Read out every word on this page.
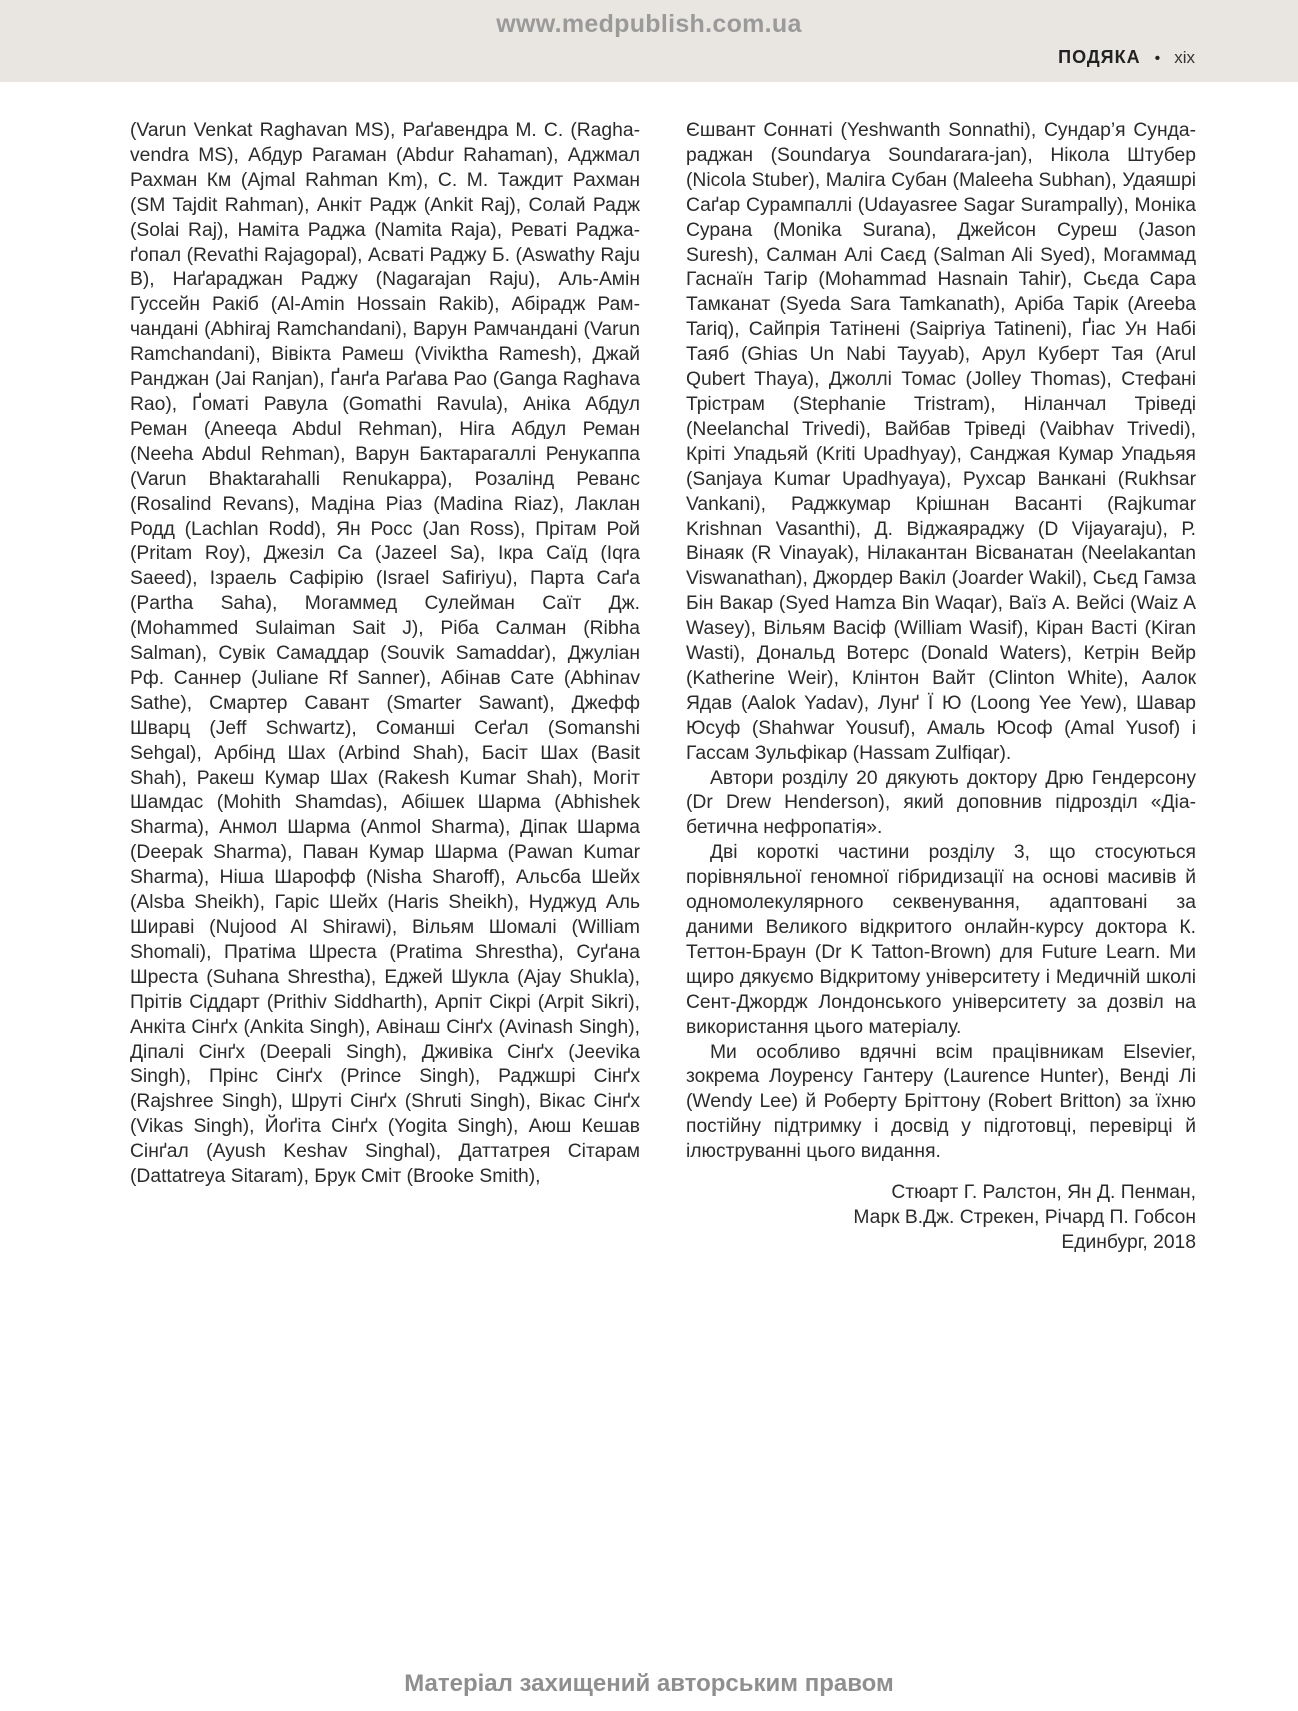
www.medpublish.com.ua
ПОДЯКА • xix

(Varun Venkat Raghavan MS), Раґавендра М. С. (Raghavendra MS), Абдур Рагаман (Abdur Rahaman), Аджмал Рахман Км (Ajmal Rahman Km), С. М. Таждит Рахман (SM Tajdit Rahman), Анкіт Радж (Ankit Raj), Солай Радж (Solai Raj), Наміта Раджа (Namita Raja), Реваті Раджаґопал (Revathi Rajagopal), Асваті Раджу Б. (Aswathy Raju B), Наґараджан Раджу (Nagarajan Raju), Аль-Амін Гуссейн Ракіб (Al-Amin Hossain Rakib), Абірадж Рамчандані (Abhiraj Ramchandani), Варун Рамчандані (Varun Ramchandani), Вівікта Рамеш (Viviktha Ramesh), Джай Ранджан (Jai Ranjan), Ґанґа Раґава Рао (Ganga Raghava Rao), Ґоматі Равула (Gomathi Ravula), Аніка Абдул Реман (Aneeqa Abdul Rehman), Ніга Абдул Реман (Neeha Abdul Rehman), Варун Бактарагаллі Ренукаппа (Varun Bhaktarahalli Renukappa), Розалінд Реванс (Rosalind Revans), Мадіна Ріаз (Madina Riaz), Лаклан Родд (Lachlan Rodd), Ян Росс (Jan Ross), Прітам Рой (Pritam Roy), Джезіл Са (Jazeel Sa), Ікра Саїд (Iqra Saeed), Ізраель Сафірію (Israel Safiriyu), Парта Саґа (Partha Saha), Могаммед Сулейман Саїт Дж. (Mohammed Sulaiman Sait J), Ріба Салман (Ribha Salman), Сувік Самаддар (Souvik Samaddar), Джуліан Рф. Саннер (Juliane Rf Sanner), Абінав Сате (Abhinav Sathe), Смартер Савант (Smarter Sawant), Джефф Шварц (Jeff Schwartz), Соманші Сеґал (Somanshi Sehgal), Арбінд Шах (Arbind Shah), Басіт Шах (Basit Shah), Ракеш Кумар Шах (Rakesh Kumar Shah), Могіт Шамдас (Mohith Shamdas), Абішек Шарма (Abhishek Sharma), Анмол Шарма (Anmol Sharma), Діпак Шарма (Deepak Sharma), Паван Кумар Шарма (Pawan Kumar Sharma), Ніша Шарофф (Nisha Sharoff), Альсба Шейх (Alsba Sheikh), Гаріс Шейх (Haris Sheikh), Нуджуд Аль Шираві (Nujood Al Shirawi), Вільям Шомалі (William Shomali), Пратіма Шреста (Pratima Shrestha), Суґана Шреста (Suhana Shrestha), Еджей Шукла (Ajay Shukla), Прітів Сіддарт (Prithiv Siddharth), Арпіт Сікрі (Arpit Sikri), Анкіта Сінґх (Ankita Singh), Авінаш Сінґх (Avinash Singh), Діпалі Сінґх (Deepali Singh), Дживіка Сінґх (Jeevika Singh), Прінс Сінґх (Prince Singh), Раджшрі Сінґх (Rajshree Singh), Шруті Сінґх (Shruti Singh), Вікас Сінґх (Vikas Singh), Йоґіта Сінґх (Yogita Singh), Аюш Кешав Сінґал (Ayush Keshav Singhal), Даттатрея Сітарам (Dattatreya Sitaram), Брук Сміт (Brooke Smith),

Єшвант Соннаті (Yeshwanth Sonnathi), Сундар’я Сундараджан (Soundarya Soundarara-jan), Нікола Штубер (Nicola Stuber), Маліга Субан (Maleeha Subhan), Удаяшрі Саґар Сурампаллі (Udayasree Sagar Surampally), Моніка Сурана (Monika Surana), Джейсон Суреш (Jason Suresh), Салман Алі Саєд (Salman Ali Syed), Могаммад Гаснаїн Тагір (Mohammad Hasnain Tahir), Сьєда Сара Тамканат (Syeda Sara Tamkanath), Аріба Тарік (Areeba Tariq), Сайпрія Татінені (Saipriya Tatineni), Ґіас Ун Набі Таяб (Ghias Un Nabi Tayyab), Арул Куберт Тая (Arul Qubert Thaya), Джоллі Томас (Jolley Thomas), Стефані Трістрам (Stephanie Tristram), Ніланчал Тріведі (Neelanchal Trivedi), Вайбав Тріведі (Vaibhav Trivedi), Кріті Упадьяй (Kriti Upadhyay), Санджая Кумар Упадьяя (Sanjaya Kumar Upadhyaya), Рухсар Ванкані (Rukhsar Vankani), Раджкумар Крішнан Васанті (Rajkumar Krishnan Vasanthi), Д. Віджаяраджу (D Vijayaraju), Р. Вінаяк (R Vinayak), Нілакантан Вісванатан (Neelakantan Viswanathan), Джордер Вакіл (Joarder Wakil), Сьєд Гамза Бін Вакар (Syed Hamza Bin Waqar), Ваїз А. Вейсі (Waiz A Wasey), Вільям Васіф (William Wasif), Кіран Васті (Kiran Wasti), Дональд Вотерс (Donald Waters), Кетрін Вейр (Katherine Weir), Клінтон Вайт (Clinton White), Аалок Ядав (Aalok Yadav), Лунґ Ї Ю (Loong Yee Yew), Шавар Юсуф (Shahwar Yousuf), Амаль Юсоф (Amal Yusof) і Гассам Зульфікар (Hassam Zulfiqar).

Автори розділу 20 дякують доктору Дрю Гендерсону (Dr Drew Henderson), який доповнив підрозділ «Діабетична нефропатія».

Дві короткі частини розділу 3, що стосуються порівняльної геномної гібридизації на основі масивів й одномолекулярного секвенування, адаптовані за даними Великого відкритого онлайн-курсу доктора К. Теттон-Браун (Dr K Tatton-Brown) для Future Learn. Ми щиро дякуємо Відкритому університету і Медичній школі Сент-Джордж Лондонського університету за дозвіл на використання цього матеріалу.

Ми особливо вдячні всім працівникам Elsevier, зокрема Лоуренсу Гантеру (Laurence Hunter), Венді Лі (Wendy Lee) й Роберту Бріттону (Robert Britton) за їхню постійну підтримку і досвід у підготовці, перевірці й ілюструванні цього видання.

Стюарт Г. Ралстон, Ян Д. Пенман,
Марк В.Дж. Стрекен, Річард П. Гобсон
Единбург, 2018
Матеріал захищений авторським правом
